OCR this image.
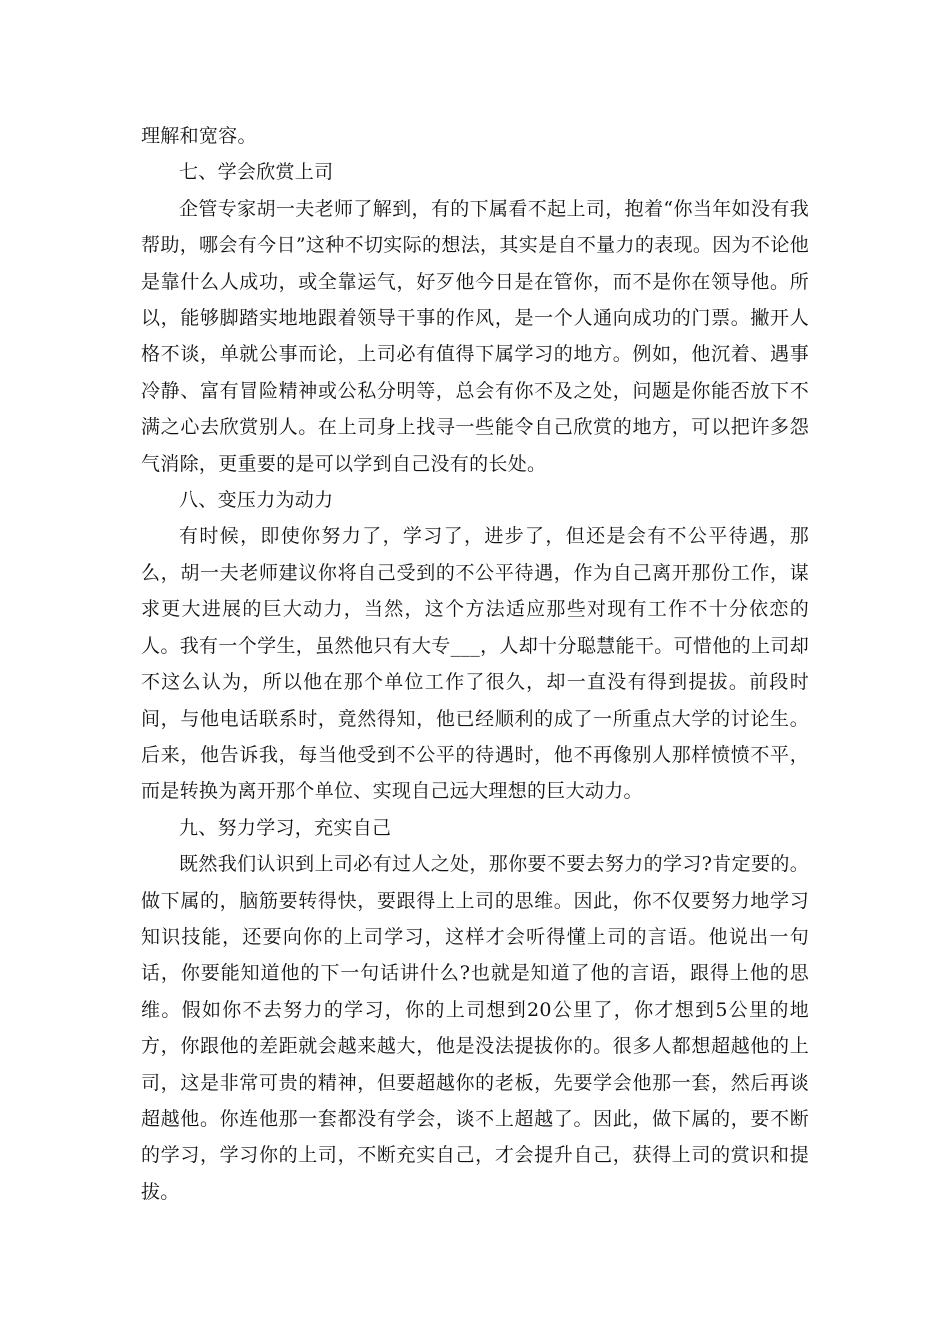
理解和宽容。

七、学会欣赏上司

企管专家胡一夫老师了解到，有的下属看不起上司，抱着“你当年如没有我帮助，哪会有今日”这种不切实际的想法，其实是自不量力的表现。因为不论他是靠什么人成功，或全靠运气，好歹他今日是在管你，而不是你在领导他。所以，能够脚踏实地地跟着领导干事的作风，是一个人通向成功的门票。撇开人格不谈，单就公事而论，上司必有值得下属学习的地方。例如，他沉着、遇事冷静、富有冒险精神或公私分明等，总会有你不及之处，问题是你能否放下不满之心去欣赏别人。在上司身上找寻一些能令自己欣赏的地方，可以把许多怨气消除，更重要的是可以学到自己没有的长处。

八、变压力为动力

有时候，即使你努力了，学习了，进步了，但还是会有不公平待遇，那么，胡一夫老师建议你将自己受到的不公平待遇，作为自己离开那份工作，谋求更大进展的巨大动力，当然，这个方法适应那些对现有工作不十分依恋的人。我有一个学生，虽然他只有大专___，人却十分聪慧能干。可惜他的上司却不这么认为，所以他在那个单位工作了很久，却一直没有得到提拔。前段时间，与他电话联系时，竟然得知，他已经顺利的成了一所重点大学的讨论生。后来，他告诉我，每当他受到不公平的待遇时，他不再像别人那样愤愤不平，而是转换为离开那个单位、实现自己远大理想的巨大动力。

九、努力学习，充实自己

既然我们认识到上司必有过人之处，那你要不要去努力的学习?肯定要的。做下属的，脑筋要转得快，要跟得上上司的思维。因此，你不仅要努力地学习知识技能，还要向你的上司学习，这样才会听得懂上司的言语。他说出一句话，你要能知道他的下一句话讲什么?也就是知道了他的言语，跟得上他的思维。假如你不去努力的学习，你的上司想到20公里了，你才想到5公里的地方，你跟他的差距就会越来越大，他是没法提拔你的。很多人都想超越他的上司，这是非常可贵的精神，但要超越你的老板，先要学会他那一套，然后再谈超越他。你连他那一套都没有学会，谈不上超越了。因此，做下属的，要不断的学习，学习你的上司，不断充实自己，才会提升自己，获得上司的赏识和提拔。
